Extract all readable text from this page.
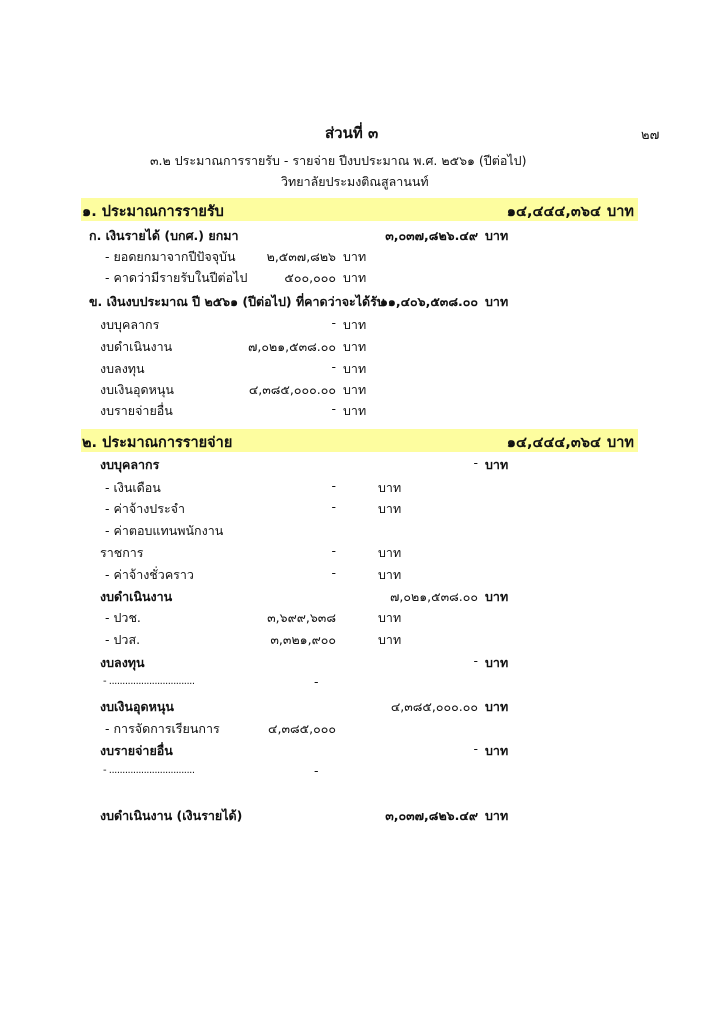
ส่วนที่ ๓	๒๗
๓.๒ ประมาณการรายรับ - รายจ่าย ปีงบประมาณ พ.ศ. ๒๕๖๑ (ปีต่อไป)
วิทยาลัยประมงติณสูลานนท์
๑. ประมาณการรายรับ	๑๔,๔๔๔,๓๖๔ บาท
ก. เงินรายได้ (บกศ.) ยกมา	๓,๐๓๗,๘๒๖.๔๙ บาท
- ยอดยกมาจากปีปัจจุบัน	๒,๕๓๗,๘๒๖ บาท
- คาดว่ามีรายรับในปีต่อไป	๕๐๐,๐๐๐ บาท
ข. เงินงบประมาณ ปี ๒๕๖๑ (ปีต่อไป) ที่คาดว่าจะได้รับ
๑๑,๔๐๖,๕๓๘.๐๐ บาท
งบบุคลากร	- บาท
งบดำเนินงาน	๗,๐๒๑,๕๓๘.๐๐ บาท
งบลงทุน	- บาท
งบเงินอุดหนุน	๔,๓๘๕,๐๐๐.๐๐ บาท
งบรายจ่ายอื่น	- บาท
๒. ประมาณการรายจ่าย	๑๔,๔๔๔,๓๖๔ บาท
งบบุคลากร	- บาท
- เงินเดือน	-	บาท
- ค่าจ้างประจำ	-	บาท
- ค่าตอบแทนพนักงาน
ราชการ	-	บาท
- ค่าจ้างชั่วคราว	-	บาท
งบดำเนินงาน	๗,๐๒๑,๕๓๘.๐๐ บาท
- ปวช.	๓,๖๙๙,๖๓๘	บาท
- ปวส.	๓,๓๒๑,๙๐๐	บาท
งบลงทุน	- บาท
- ................................	-
งบเงินอุดหนุน	๔,๓๘๕,๐๐๐.๐๐ บาท
- การจัดการเรียนการ	๔,๓๘๕,๐๐๐
งบรายจ่ายอื่น	- บาท
- ................................	-
งบดำเนินงาน (เงินรายได้)	๓,๐๓๗,๘๒๖.๔๙ บาท
